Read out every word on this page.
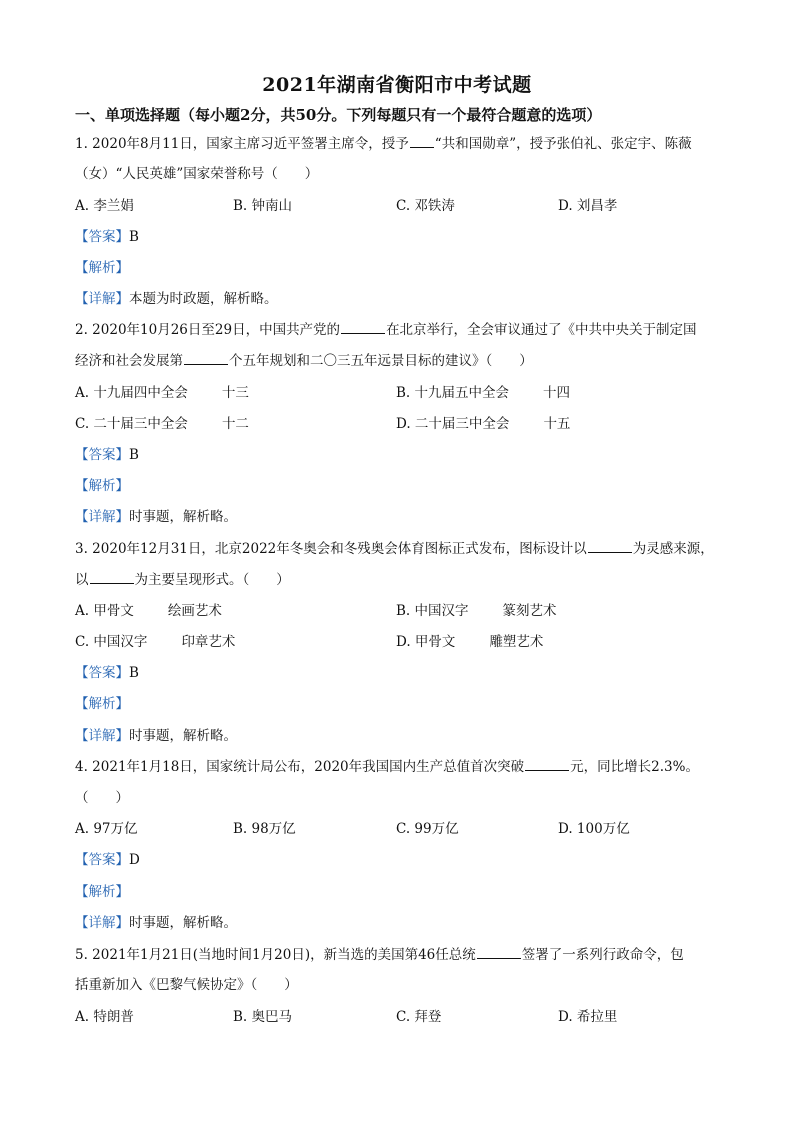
2021年湖南省衡阳市中考试题
一、单项选择题（每小题2分，共50分。下列每题只有一个最符合题意的选项）
1. 2020年8月11日，国家主席习近平签署主席令，授予 “共和国勋章”，授予张伯礼、张定宇、陈薇
（女）“人民英雄”国家荣誉称号（　　）
A. 李兰娟	B. 钟南山	C. 邓铁涛	D. 刘昌孝
【答案】B
【解析】
【详解】本题为时政题，解析略。
2. 2020年10月26日至29日，中国共产党的	在北京举行，全会审议通过了《中共中央关于制定国
经济和社会发展第	个五年规划和二〇三五年远景目标的建议》（　　）
A. 十九届四中全会	十三	B. 十九届五中全会	十四
C. 二十届三中全会	十二	D. 二十届三中全会	十五
【答案】B
【解析】
【详解】时事题，解析略。
3. 2020年12月31日，北京2022年冬奥会和冬残奥会体育图标正式发布，图标设计以	为灵感来源，
以	为主要呈现形式。（　　）
A. 甲骨文	绘画艺术	B. 中国汉字	篆刻艺术
C. 中国汉字	印章艺术	D. 甲骨文	雕塑艺术
【答案】B
【解析】
【详解】时事题，解析略。
4. 2021年1月18日，国家统计局公布，2020年我国国内生产总值首次突破	元，同比增长2.3%。
（　　）
A. 97万亿	B. 98万亿	C. 99万亿	D. 100万亿
【答案】D
【解析】
【详解】时事题，解析略。
5. 2021年1月21日(当地时间1月20日)，新当选的美国第46任总统	签署了一系列行政命令，包
括重新加入《巴黎气候协定》（　　）
A. 特朗普	B. 奥巴马	C. 拜登	D. 希拉里
